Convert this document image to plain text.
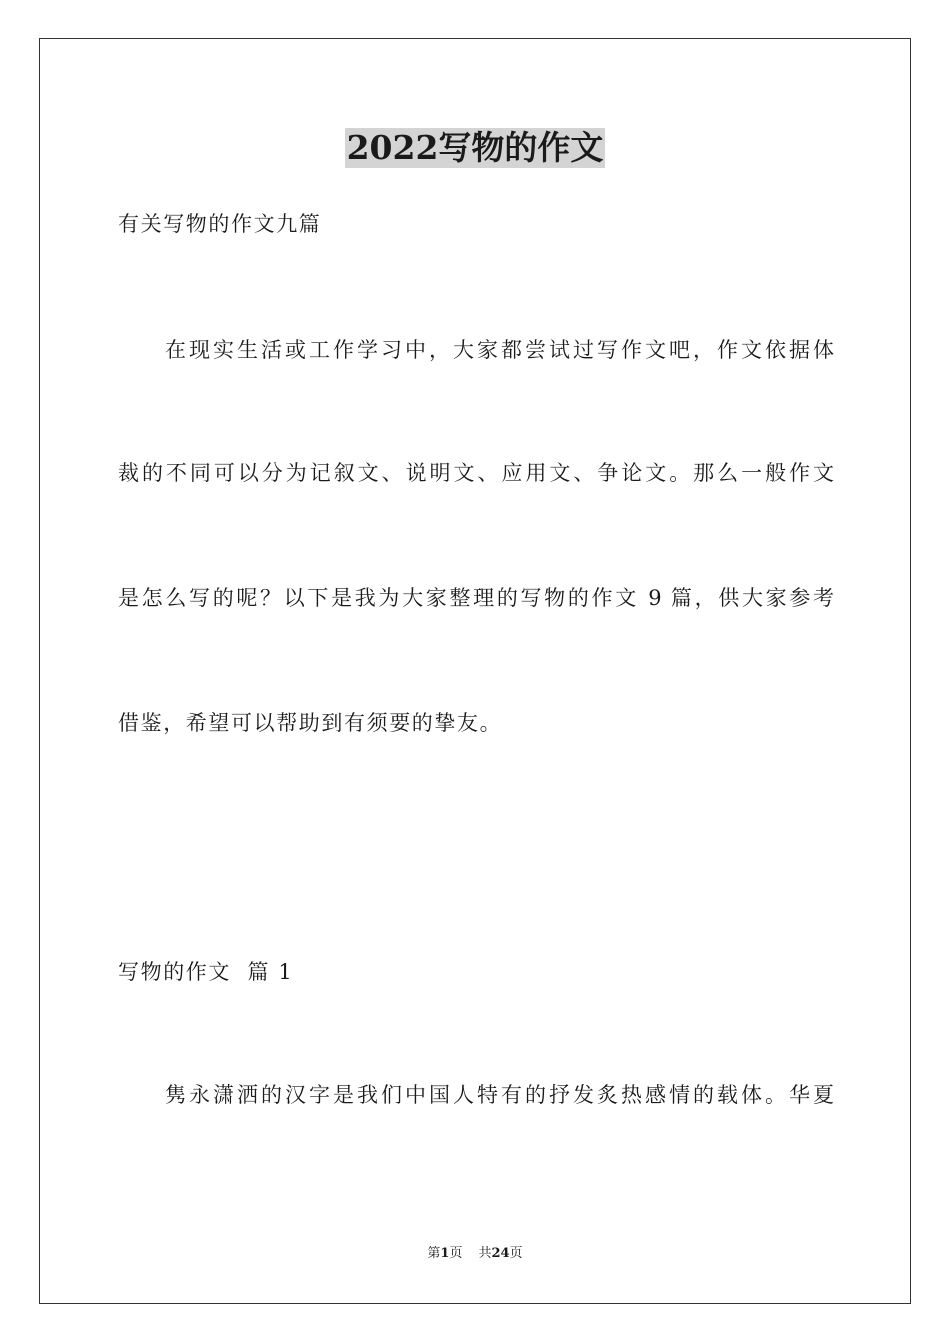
2022写物的作文
有关写物的作文九篇
在现实生活或工作学习中，大家都尝试过写作文吧，作文依据体
裁的不同可以分为记叙文、说明文、应用文、争论文。那么一般作文
是怎么写的呢？以下是我为大家整理的写物的作文 9 篇，供大家参考
借鉴，希望可以帮助到有须要的挚友。
写物的作文  篇 1
隽永潇洒的汉字是我们中国人特有的抒发炙热感情的载体。华夏
第1页 共24页
